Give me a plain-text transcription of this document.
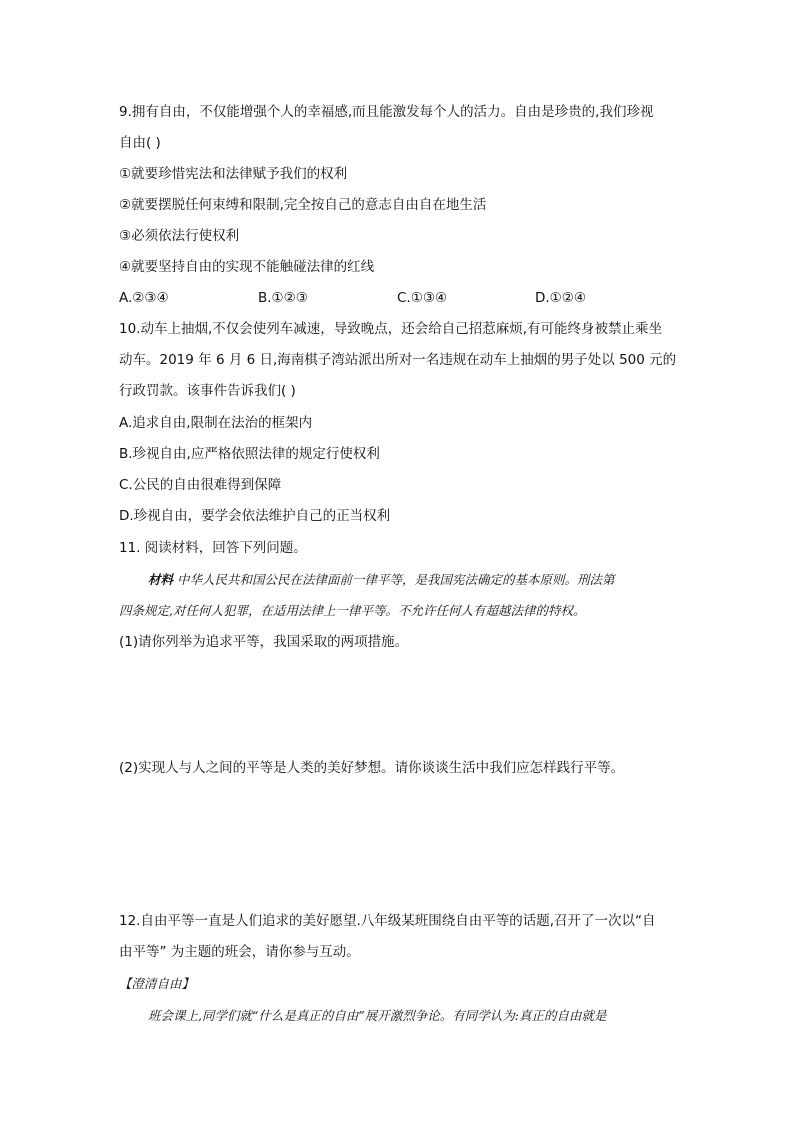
9.拥有自由，不仅能增强个人的幸福感,而且能激发每个人的活力。自由是珍贵的,我们珍视
自由( )
①就要珍惜宪法和法律赋予我们的权利
②就要摆脱任何束缚和限制,完全按自己的意志自由自在地生活
③必须依法行使权利
④就要坚持自由的实现不能触碰法律的红线
A.②③④	B.①②③	C.①③④	D.①②④
10.动车上抽烟,不仅会使列车减速，导致晚点，还会给自己招惹麻烦,有可能终身被禁止乘坐
动车。2019 年 6 月 6 日,海南棋子湾站派出所对一名违规在动车上抽烟的男子处以 500 元的
行政罚款。该事件告诉我们( )
A.追求自由,限制在法治的框架内
B.珍视自由,应严格依照法律的规定行使权利
C.公民的自由很难得到保障
D.珍视自由，要学会依法维护自己的正当权利
11. 阅读材料，回答下列问题。
材料 中华人民共和国公民在法律面前一律平等，是我国宪法确定的基本原则。刑法第
四条规定,对任何人犯罪，在适用法律上一律平等。不允许任何人有超越法律的特权。
(1)请你列举为追求平等，我国采取的两项措施。
(2)实现人与人之间的平等是人类的美好梦想。请你谈谈生活中我们应怎样践行平等。
12.自由平等一直是人们追求的美好愿望.八年级某班围绕自由平等的话题,召开了一次以“自
由平等” 为主题的班会，请你参与互动。
【澄清自由】
班会课上,同学们就“什么是真正的自由”展开激烈争论。有同学认为:真正的自由就是
